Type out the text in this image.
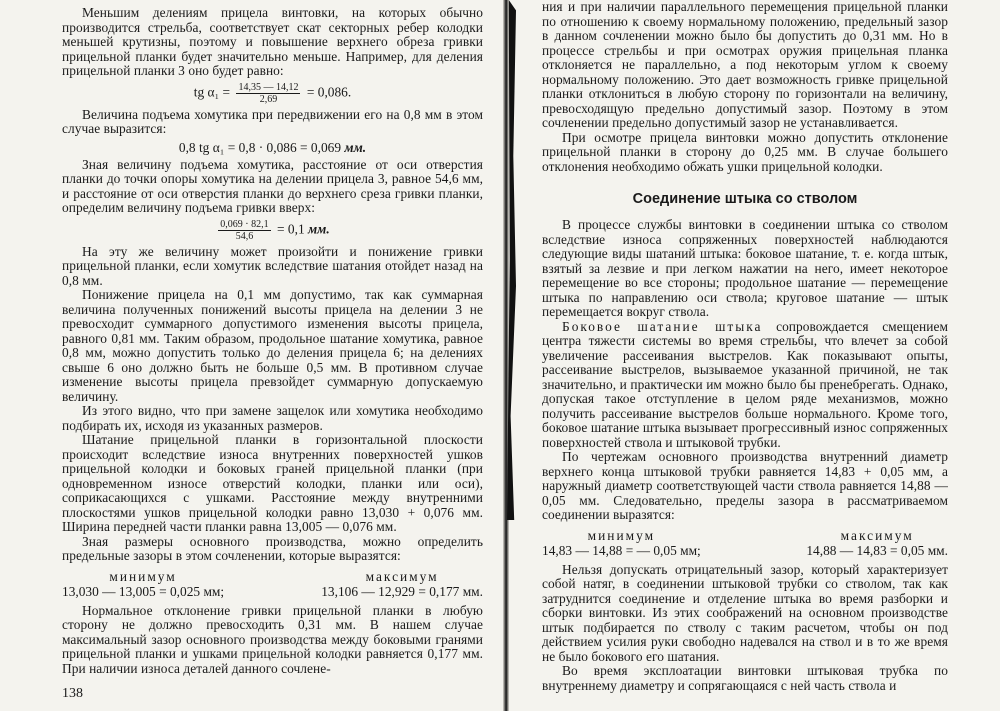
Меньшим делениям прицела винтовки, на которых обычно производится стрельба, соответствует скат секторных ребер колодки меньшей крутизны, поэтому и повышение верхнего обреза гривки прицельной планки будет значительно меньше. Например, для деления прицельной планки 3 оно будет равно:

tg $\alpha_1 = \frac{14,35 — 14,12}{2,69} = 0,086$.

Величина подъема хомутика при передвижении его на 0,8 мм в этом случае выразится:

0,8 tg α₁ = 0,8 · 0,086 = 0,069 мм.

Зная величину подъема хомутика, расстояние от оси отверстия планки до точки опоры хомутика на делении прицела 3, равное 54,6 мм, и расстояние от оси отверстия планки до верхнего среза гривки планки, определим величину подъема гривки вверх:

$\frac{0,069 \cdot 82,1}{54,6} = 0,1$ мм.

На эту же величину может произойти и понижение гривки прицельной планки, если хомутик вследствие шатания отойдет назад на 0,8 мм.

Понижение прицела на 0,1 мм допустимо, так как суммарная величина полученных понижений высоты прицела на делении 3 не превосходит суммарного допустимого изменения высоты прицела, равного 0,81 мм. Таким образом, продольное шатание хомутика, равное 0,8 мм, можно допустить только до деления прицела 6; на делениях свыше 6 оно должно быть не больше 0,5 мм. В противном случае изменение высоты прицела превзойдет суммарную допускаемую величину.

Из этого видно, что при замене защелок или хомутика необходимо подбирать их, исходя из указанных размеров.

Шатание прицельной планки в горизонтальной плоскости происходит вследствие износа внутренних поверхностей ушков прицельной колодки и боковых граней прицельной планки (при одновременном износе отверстий колодки, планки или оси), соприкасающихся с ушками. Расстояние между внутренними плоскостями ушков прицельной колодки равно 13,030 + 0,076 мм. Ширина передней части планки равна 13,005 — 0,076 мм.

Зная размеры основного производства, можно определить предельные зазоры в этом сочленении, которые выразятся:

минимум
13,030 — 13,005 = 0,025 мм;
максимум
13,106 — 12,929 = 0,177 мм.

Нормальное отклонение гривки прицельной планки в любую сторону не должно превосходить 0,31 мм. В нашем случае максимальный зазор основного производства между боковыми гранями прицельной планки и ушками прицельной колодки равняется 0,177 мм. При наличии износа деталей данного сочлене-

138

ния и при наличии параллельного перемещения прицельной планки по отношению к своему нормальному положению, предельный зазор в данном сочленении можно было бы допустить до 0,31 мм. Но в процессе стрельбы и при осмотрах оружия прицельная планка отклоняется не параллельно, а под некоторым углом к своему нормальному положению. Это дает возможность гривке прицельной планки отклониться в любую сторону по горизонтали на величину, превосходящую предельно допустимый зазор. Поэтому в этом сочленении предельно допустимый зазор не устанавливается.

При осмотре прицела винтовки можно допустить отклонение прицельной планки в сторону до 0,25 мм. В случае большего отклонения необходимо обжать ушки прицельной колодки.

Соединение штыка со стволом

В процессе службы винтовки в соединении штыка со стволом вследствие износа сопряженных поверхностей наблюдаются следующие виды шатаний штыка: боковое шатание, т. е. когда штык, взятый за лезвие и при легком нажатии на него, имеет некоторое перемещение во все стороны; продольное шатание — перемещение штыка по направлению оси ствола; круговое шатание — штык перемещается вокруг ствола.

Боковое шатание штыка сопровождается смещением центра тяжести системы во время стрельбы, что влечет за собой увеличение рассеивания выстрелов. Как показывают опыты, рассеивание выстрелов, вызываемое указанной причиной, не так значительно, и практически им можно было бы пренебрегать. Однако, допуская такое отступление в целом ряде механизмов, можно получить рассеивание выстрелов больше нормального. Кроме того, боковое шатание штыка вызывает прогрессивный износ сопряженных поверхностей ствола и штыковой трубки.

По чертежам основного производства внутренний диаметр верхнего конца штыковой трубки равняется 14,83 + 0,05 мм, а наружный диаметр соответствующей части ствола равняется 14,88 — 0,05 мм. Следовательно, пределы зазора в рассматриваемом соединении выразятся:

минимум
14,83 — 14,88 = — 0,05 мм;
максимум
14,88 — 14,83 = 0,05 мм.

Нельзя допускать отрицательный зазор, который характеризует собой натяг, в соединении штыковой трубки со стволом, так как затруднится соединение и отделение штыка во время разборки и сборки винтовки. Из этих соображений на основном производстве штык подбирается по стволу с таким расчетом, чтобы он под действием усилия руки свободно надевался на ствол и в то же время не было бокового его шатания.

Во время эксплоатации винтовки штыковая трубка по внутреннему диаметру и сопрягающаяся с ней часть ствола и
